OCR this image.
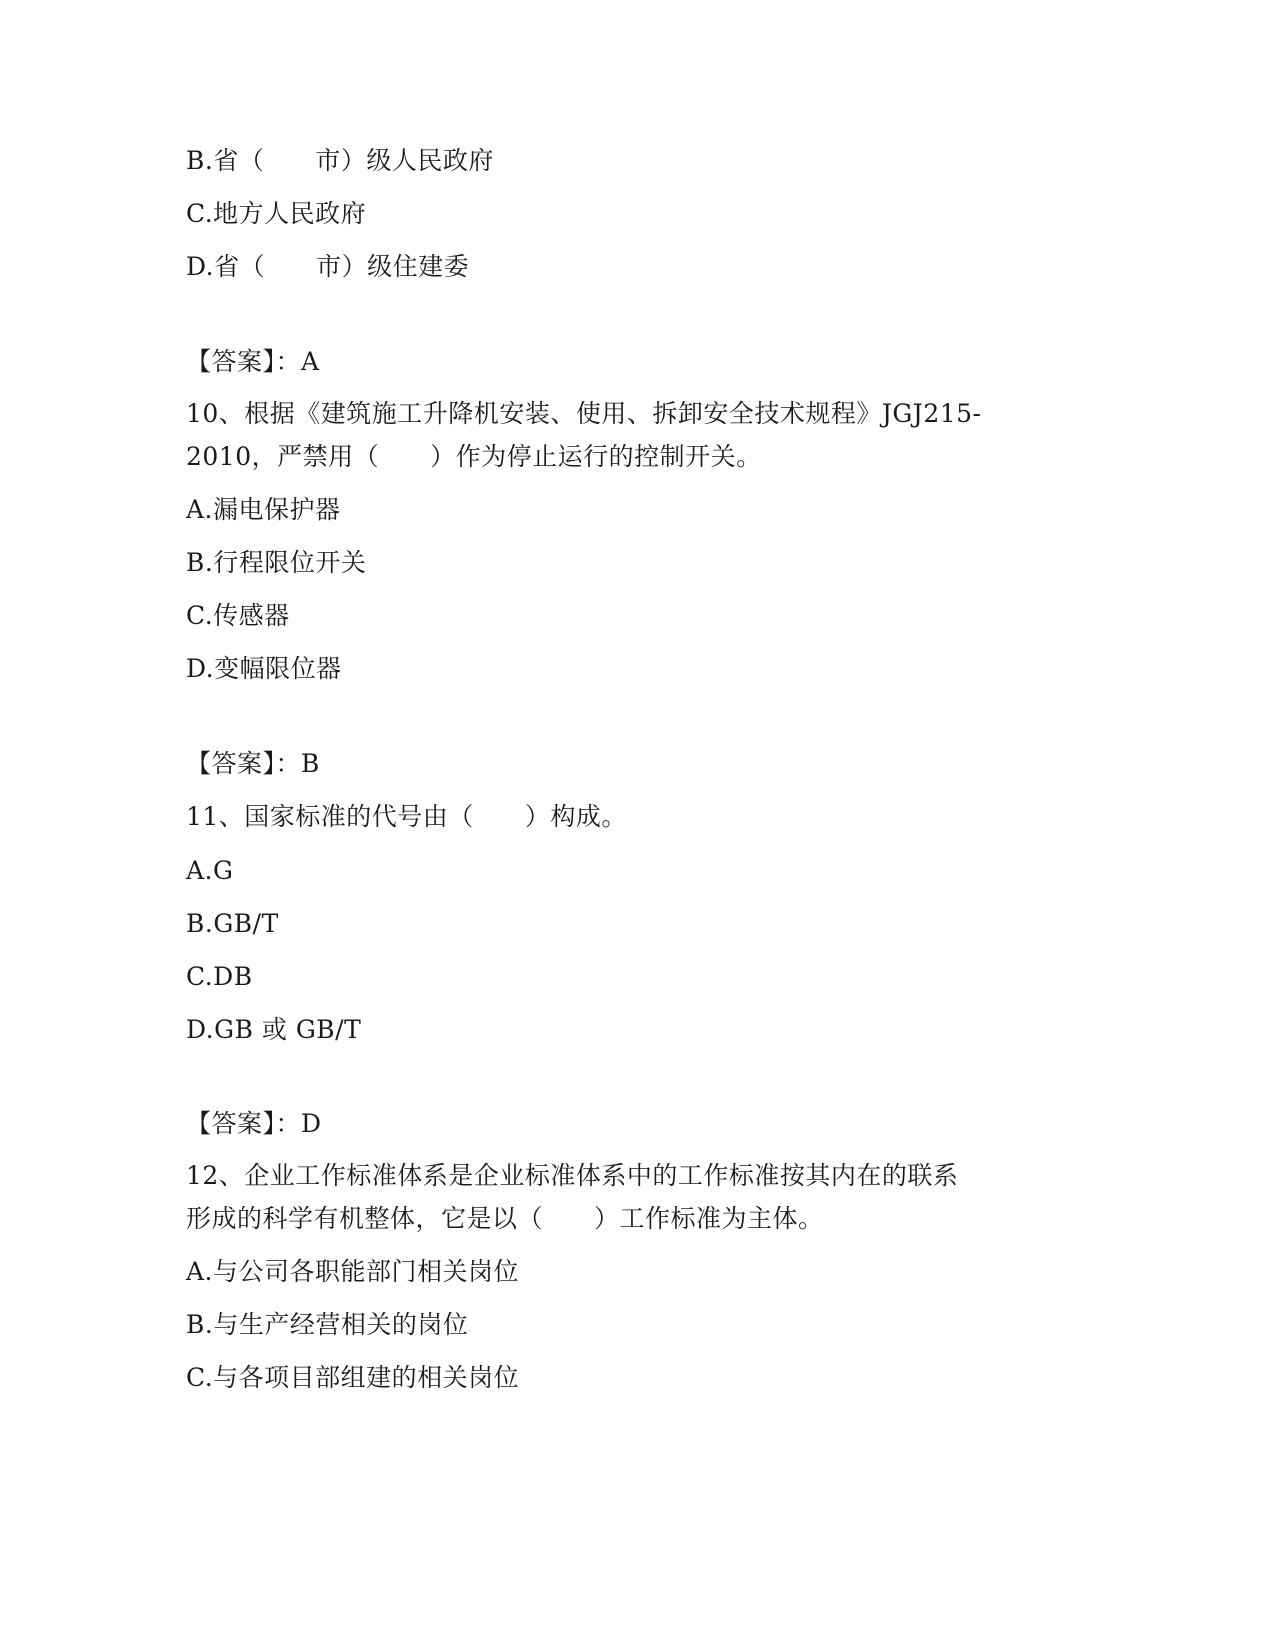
B.省（　　市）级人民政府
C.地方人民政府
D.省（　　市）级住建委
【答案】：A
10、根据《建筑施工升降机安装、使用、拆卸安全技术规程》JGJ215-
2010，严禁用（　　）作为停止运行的控制开关。
A.漏电保护器
B.行程限位开关
C.传感器
D.变幅限位器
【答案】：B
11、国家标准的代号由（　　）构成。
A.G
B.GB/T
C.DB
D.GB 或 GB/T
【答案】：D
12、企业工作标准体系是企业标准体系中的工作标准按其内在的联系
形成的科学有机整体，它是以（　　）工作标准为主体。
A.与公司各职能部门相关岗位
B.与生产经营相关的岗位
C.与各项目部组建的相关岗位
